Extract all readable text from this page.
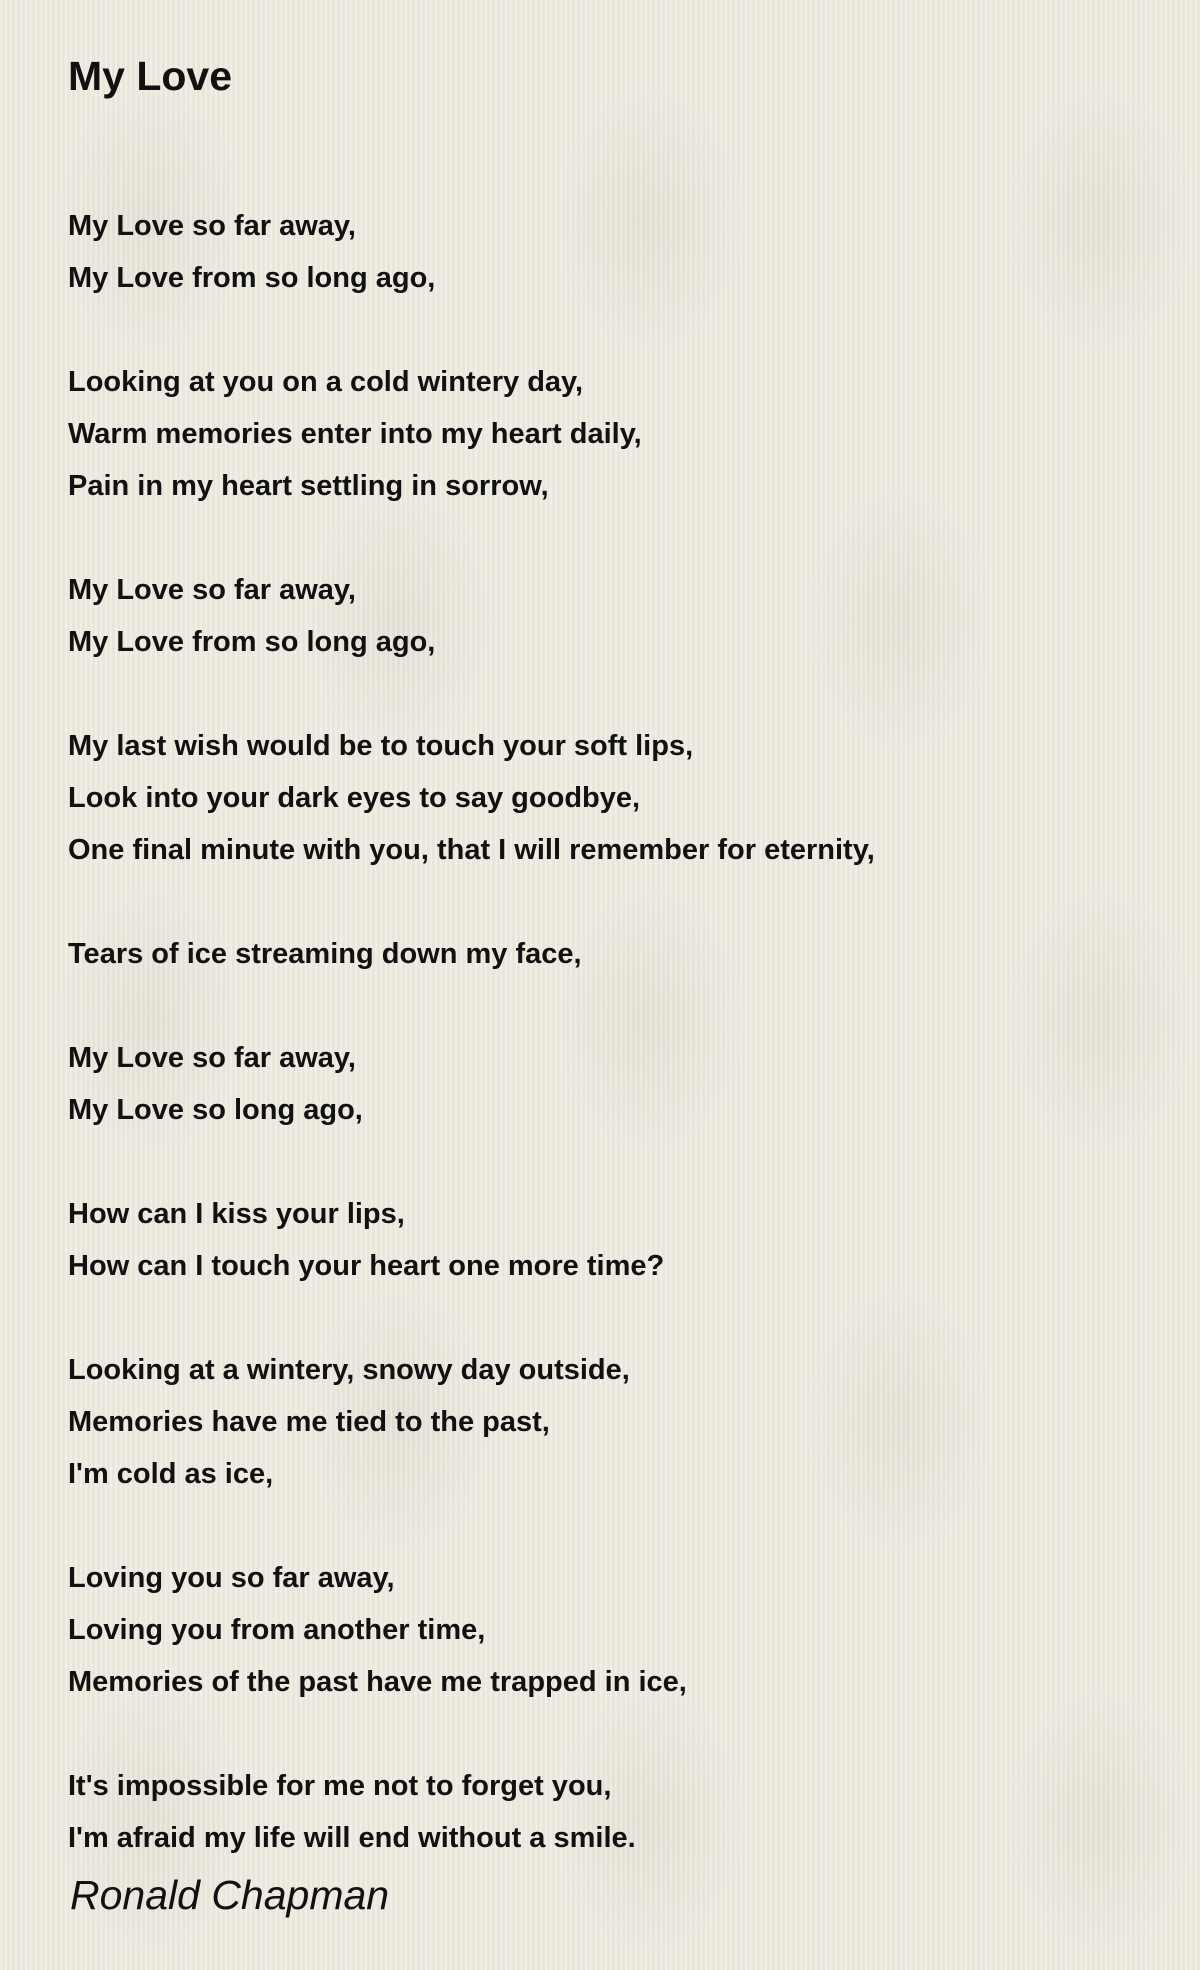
My Love
My Love so far away,
My Love from so long ago,
Looking at you on a cold wintery day,
Warm memories enter into my heart daily,
Pain in my heart settling in sorrow,
My Love so far away,
My Love from so long ago,
My last wish would be to touch your soft lips,
Look into your dark eyes to say goodbye,
One final minute with you, that I will remember for eternity,
Tears of ice streaming down my face,
My Love so far away,
My Love so long ago,
How can I kiss your lips,
How can I touch your heart one more time?
Looking at a wintery, snowy day outside,
Memories have me tied to the past,
I'm cold as ice,
Loving you so far away,
Loving you from another time,
Memories of the past have me trapped in ice,
It's impossible for me not to forget you,
I'm afraid my life will end without a smile.
Ronald Chapman
